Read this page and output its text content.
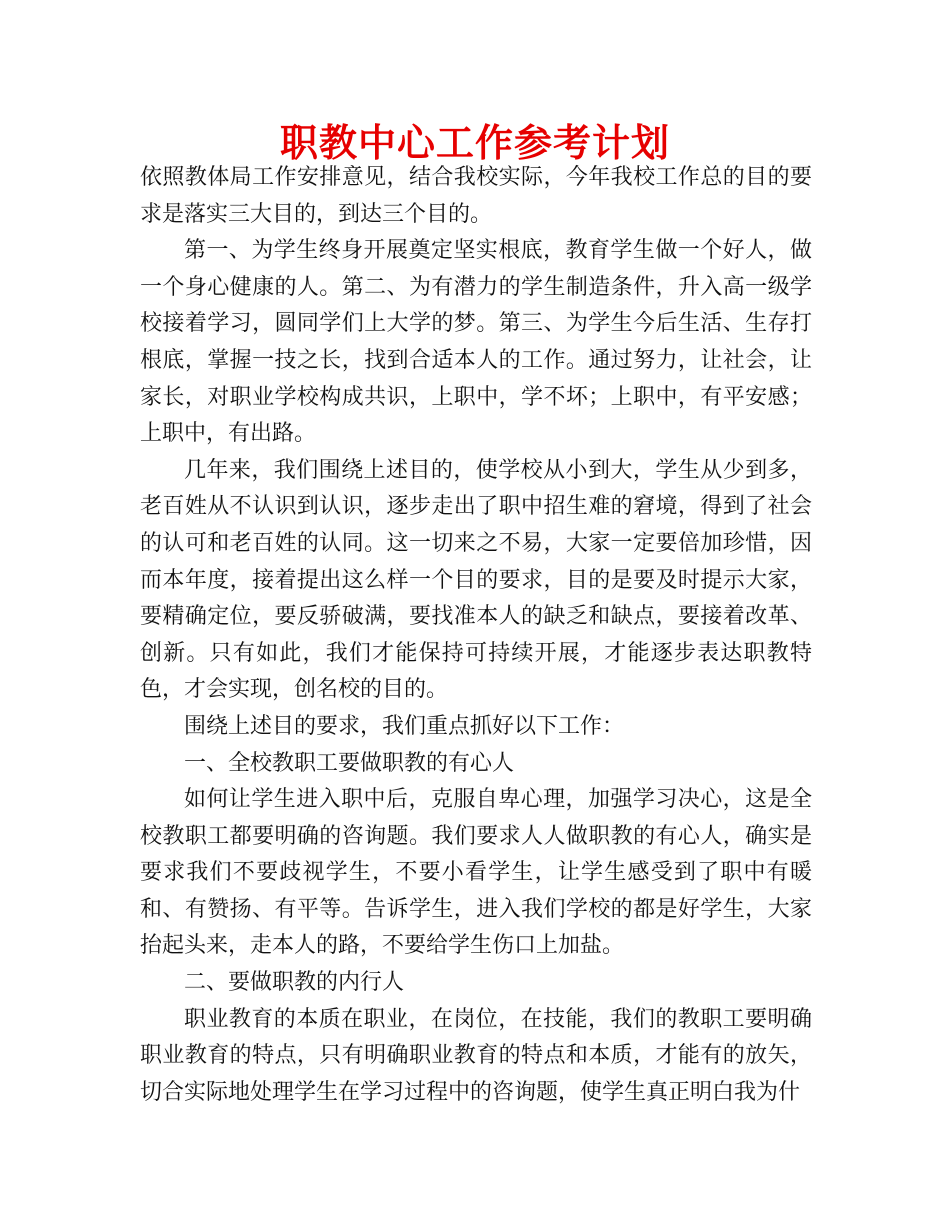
职教中心工作参考计划

依照教体局工作安排意见，结合我校实际，今年我校工作总的目的要求是落实三大目的，到达三个目的。

第一、为学生终身开展奠定坚实根底，教育学生做一个好人，做一个身心健康的人。第二、为有潜力的学生制造条件，升入高一级学校接着学习，圆同学们上大学的梦。第三、为学生今后生活、生存打根底，掌握一技之长，找到合适本人的工作。通过努力，让社会，让家长，对职业学校构成共识，上职中，学不坏；上职中，有平安感；上职中，有出路。

几年来，我们围绕上述目的，使学校从小到大，学生从少到多，老百姓从不认识到认识，逐步走出了职中招生难的窘境，得到了社会的认可和老百姓的认同。这一切来之不易，大家一定要倍加珍惜，因而本年度，接着提出这么样一个目的要求，目的是要及时提示大家，要精确定位，要反骄破满，要找准本人的缺乏和缺点，要接着改革、创新。只有如此，我们才能保持可持续开展，才能逐步表达职教特色，才会实现，创名校的目的。

围绕上述目的要求，我们重点抓好以下工作：

一、全校教职工要做职教的有心人

如何让学生进入职中后，克服自卑心理，加强学习决心，这是全校教职工都要明确的咨询题。我们要求人人做职教的有心人，确实是要求我们不要歧视学生，不要小看学生，让学生感受到了职中有暖和、有赞扬、有平等。告诉学生，进入我们学校的都是好学生，大家抬起头来，走本人的路，不要给学生伤口上加盐。

二、要做职教的内行人

职业教育的本质在职业，在岗位，在技能，我们的教职工要明确职业教育的特点，只有明确职业教育的特点和本质，才能有的放矢，切合实际地处理学生在学习过程中的咨询题，使学生真正明白我为什
